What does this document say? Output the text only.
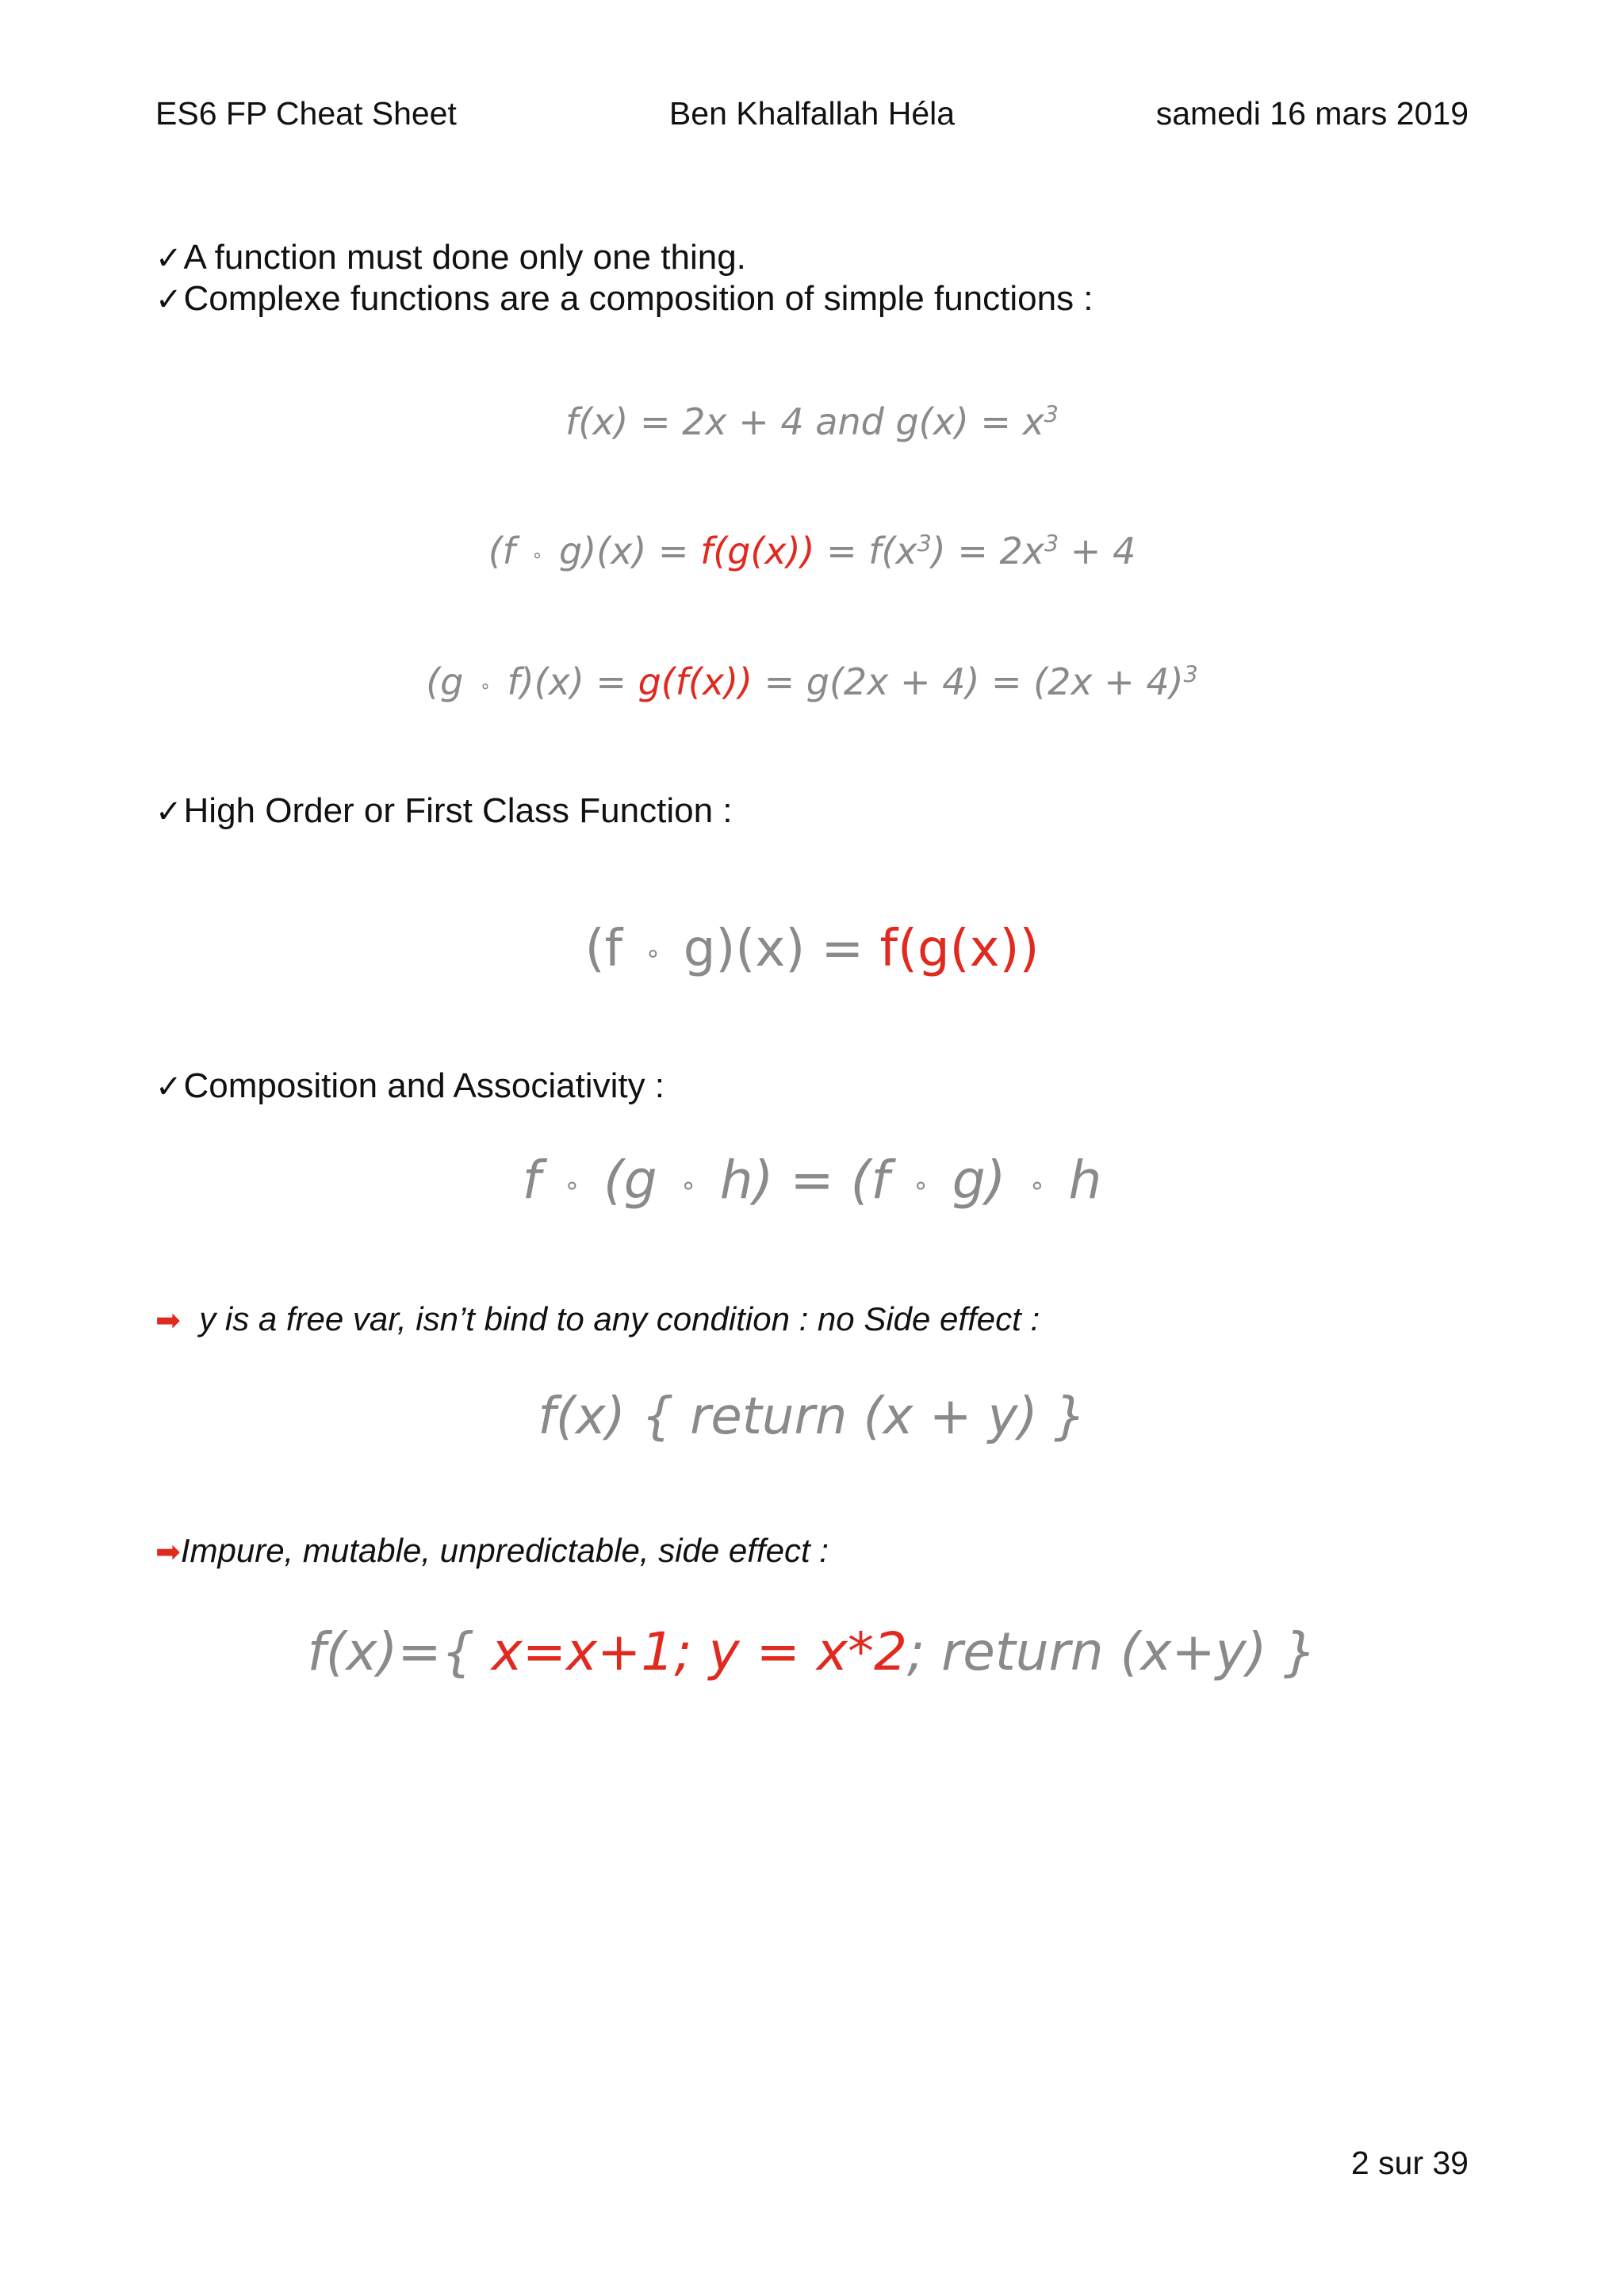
ES6 FP Cheat Sheet	Ben Khalfallah Héla	samedi 16 mars 2019
✓A function must done only one thing.
✓Complexe functions are a composition of simple functions :
f(x) = 2x + 4 and $g(x) = x^3$
(f ∘ $g)(x) = f(g(x)) = f(x^3) = 2x^3 + 4$
(g ∘ $f)(x) = g(f(x)) = g(2x + 4) = (2x + 4)^3$
✓High Order or First Class Function :
(f ∘ g)(x) = f(g(x))
✓Composition and Associativity :
f ∘ (g ∘ h) = (f ∘ g) ∘ h
➡ y is a free var, isn’t bind to any condition : no Side effect :
f(x) { return (x + y) }
➡Impure, mutable, unpredictable, side effect :
f(x)={ x=x+1; y = x*2; return (x+y) }
2 sur 39
